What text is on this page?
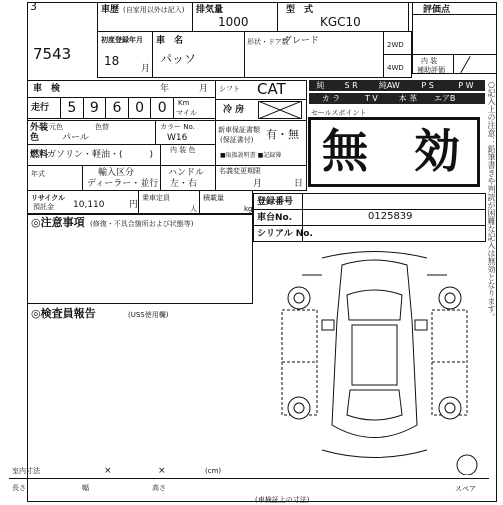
3
7543
車歴 (自家用以外は記入) 排気量
1000
型　式
KGC10
評価点
内 装
補助評価
初度登録年月
18
月
車　名
パッソ
形状・ドア数
グレード	2WD
4WD
車　検	年	月
走行	5 9 6 0 0	Km
マイル
シフト CAT
冷 房
純	S R	純AW	P S	P W
カ ラ	T V	本 革	エアB
セールスポイント
無　効
外装
色
元色	色替
パール
カラー No.
W16
燃料
ガソリン・軽油・(　　　) 内 装 色
新車保証書類
(保証書付) 有・無
■取扱説明書 ■記録簿
年式	輸入区分
ディーラー・並行
ハンドル
左・右
名義変更期限
月	日
リサイクル
預託金 10,110	円
乗車定員
人
積載量
kg
登録番号
車台No.	0125839
シリアル No.
◎注意事項 (修復・不具合箇所および状態等)
◎検査員報告	(USS使用欄)
室内寸法	×	×	(cm)
長さ	幅	高さ	スペア
(車検証上の寸法)
○記入上の注意：鉛筆書きや判読が困難な記入は無効となります。
